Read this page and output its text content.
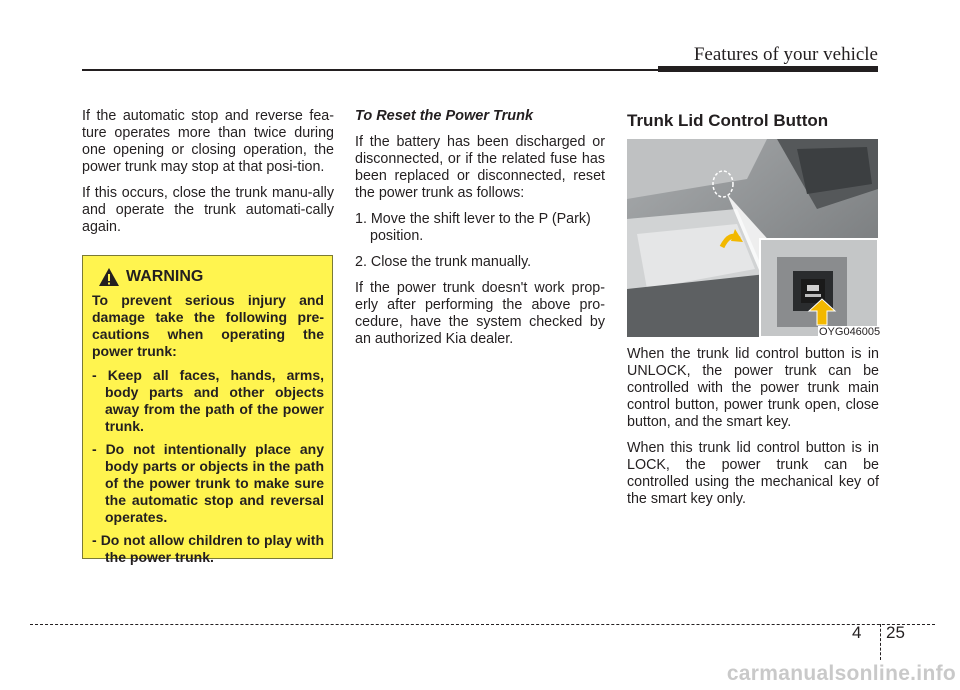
Features of your vehicle

If the automatic stop and reverse fea-ture operates more than twice during one opening or closing operation, the power trunk may stop at that posi-tion.

If this occurs, close the trunk manu-ally and operate the trunk automati-cally again.

WARNING

To prevent serious injury and damage take the following pre-cautions when operating the power trunk:

- Keep all faces, hands, arms, body parts and other objects away from the path of the power trunk.

- Do not intentionally place any body parts or objects in the path of the power trunk to make sure the automatic stop and reversal operates.

- Do not allow children to play with the power trunk.

To Reset the Power Trunk

If the battery has been discharged or disconnected, or if the related fuse has been replaced or disconnected, reset the power trunk as follows:

1. Move the shift lever to the P (Park) position.

2. Close the trunk manually.

If the power trunk doesn't work prop-erly after performing the above pro-cedure, have the system checked by an authorized Kia dealer.

Trunk Lid Control Button
OYG046005

When the trunk lid control button is in UNLOCK, the power trunk can be controlled with the power trunk main control button, power trunk open, close button, and the smart key.

When this trunk lid control button is in LOCK, the power trunk can be controlled using the mechanical key of the smart key only.

4 25
carmanualsonline.info
